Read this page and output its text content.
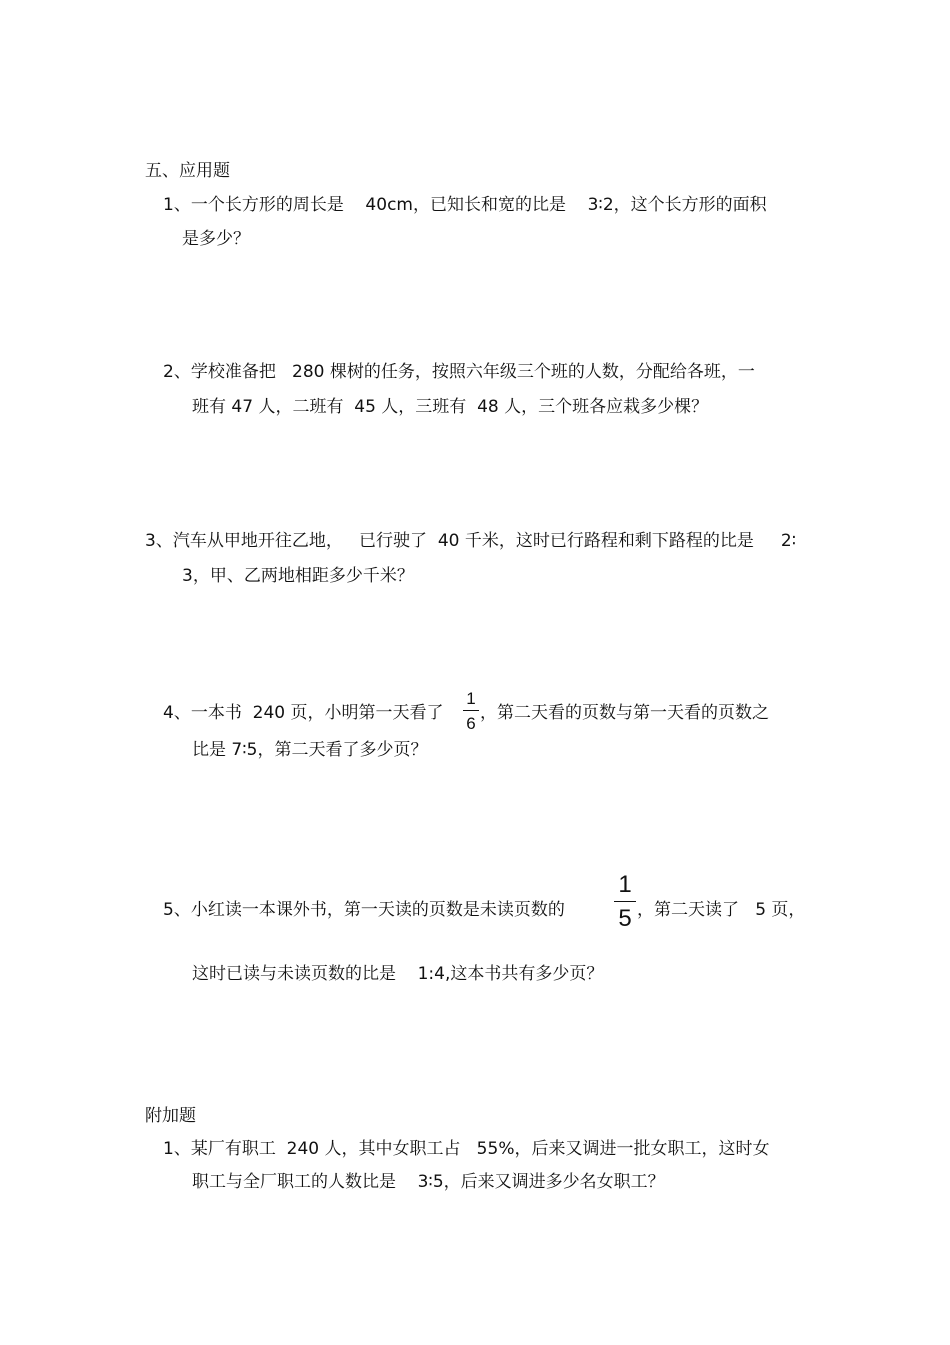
五、应用题
1、一个长方形的周长是    40cm，已知长和宽的比是    3∶2，这个长方形的面积
是多少？
2、学校准备把   280 棵树的任务，按照六年级三个班的人数，分配给各班，一
班有 47 人，二班有  45 人，三班有  48 人，三个班各应栽多少棵？
3、汽车从甲地开往乙地，   已行驶了  40 千米，这时已行路程和剩下路程的比是     2∶
3，甲、乙两地相距多少千米？
4、一本书  240 页，小明第一天看了
1
6
，第二天看的页数与第一天看的页数之
比是 7∶5，第二天看了多少页？
5、小红读一本课外书，第一天读的页数是未读页数的
1
5 ，第二天读了   5 页，
这时已读与未读页数的比是    1:4,这本书共有多少页？
附加题
1、某厂有职工  240 人，其中女职工占   55%，后来又调进一批女职工，这时女
职工与全厂职工的人数比是    3∶5，后来又调进多少名女职工？
